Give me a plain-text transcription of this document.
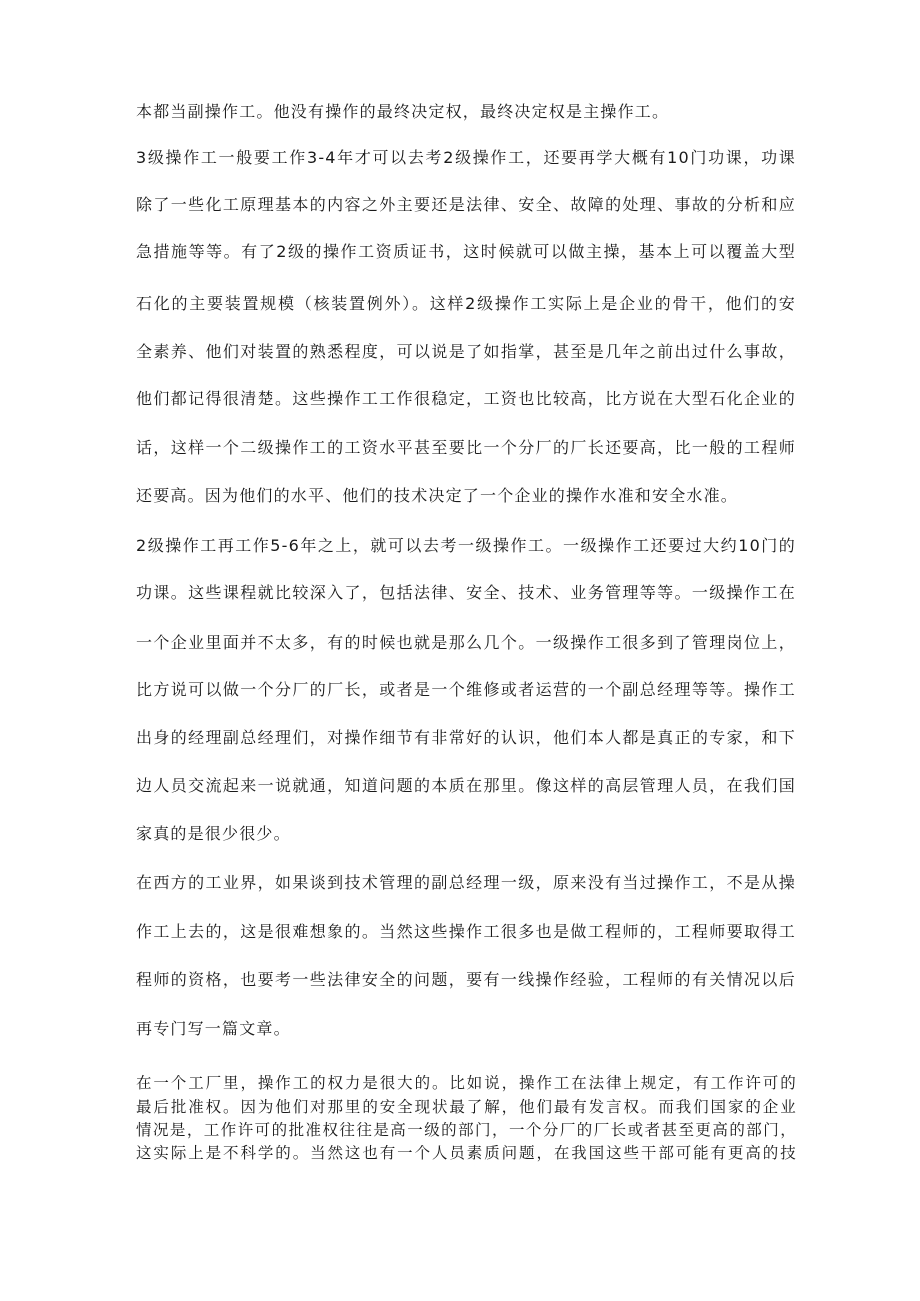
本都当副操作工。他没有操作的最终决定权，最终决定权是主操作工。
3级操作工一般要工作3-4年才可以去考2级操作工，还要再学大概有10门功课，功课
除了一些化工原理基本的内容之外主要还是法律、安全、故障的处理、事故的分析和应
急措施等等。有了2级的操作工资质证书，这时候就可以做主操，基本上可以覆盖大型
石化的主要装置规模（核装置例外）。这样2级操作工实际上是企业的骨干，他们的安
全素养、他们对装置的熟悉程度，可以说是了如指掌，甚至是几年之前出过什么事故，
他们都记得很清楚。这些操作工工作很稳定，工资也比较高，比方说在大型石化企业的
话，这样一个二级操作工的工资水平甚至要比一个分厂的厂长还要高，比一般的工程师
还要高。因为他们的水平、他们的技术决定了一个企业的操作水准和安全水准。
2级操作工再工作5-6年之上，就可以去考一级操作工。一级操作工还要过大约10门的
功课。这些课程就比较深入了，包括法律、安全、技术、业务管理等等。一级操作工在
一个企业里面并不太多，有的时候也就是那么几个。一级操作工很多到了管理岗位上，
比方说可以做一个分厂的厂长，或者是一个维修或者运营的一个副总经理等等。操作工
出身的经理副总经理们，对操作细节有非常好的认识，他们本人都是真正的专家，和下
边人员交流起来一说就通，知道问题的本质在那里。像这样的高层管理人员，在我们国
家真的是很少很少。
在西方的工业界，如果谈到技术管理的副总经理一级，原来没有当过操作工，不是从操
作工上去的，这是很难想象的。当然这些操作工很多也是做工程师的，工程师要取得工
程师的资格，也要考一些法律安全的问题，要有一线操作经验，工程师的有关情况以后
再专门写一篇文章。
在一个工厂里，操作工的权力是很大的。比如说，操作工在法律上规定，有工作许可的
最后批准权。因为他们对那里的安全现状最了解，他们最有发言权。而我们国家的企业
情况是，工作许可的批准权往往是高一级的部门，一个分厂的厂长或者甚至更高的部门，
这实际上是不科学的。当然这也有一个人员素质问题，在我国这些干部可能有更高的技
